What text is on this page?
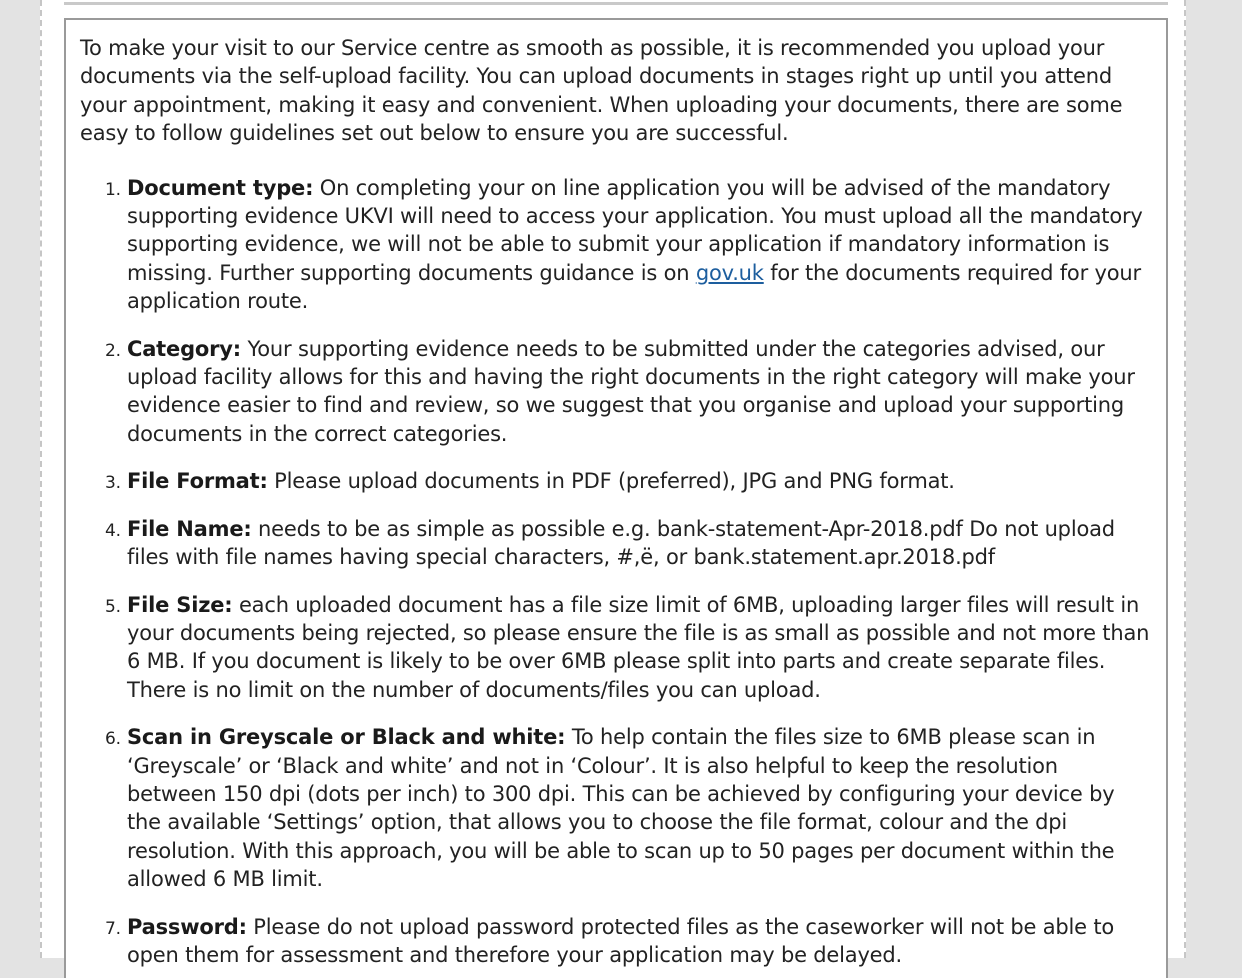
To make your visit to our Service centre as smooth as possible, it is recommended you upload your documents via the self-upload facility. You can upload documents in stages right up until you attend your appointment, making it easy and convenient. When uploading your documents, there are some easy to follow guidelines set out below to ensure you are successful.

1. Document type: On completing your on line application you will be advised of the mandatory supporting evidence UKVI will need to access your application. You must upload all the mandatory supporting evidence, we will not be able to submit your application if mandatory information is missing. Further supporting documents guidance is on gov.uk for the documents required for your application route.
2. Category: Your supporting evidence needs to be submitted under the categories advised, our upload facility allows for this and having the right documents in the right category will make your evidence easier to find and review, so we suggest that you organise and upload your supporting documents in the correct categories.
3. File Format: Please upload documents in PDF (preferred), JPG and PNG format.
4. File Name: needs to be as simple as possible e.g. bank-statement-Apr-2018.pdf Do not upload files with file names having special characters, #,ë, or bank.statement.apr.2018.pdf
5. File Size: each uploaded document has a file size limit of 6MB, uploading larger files will result in your documents being rejected, so please ensure the file is as small as possible and not more than 6 MB. If you document is likely to be over 6MB please split into parts and create separate files. There is no limit on the number of documents/files you can upload.
6. Scan in Greyscale or Black and white: To help contain the files size to 6MB please scan in ‘Greyscale’ or ‘Black and white’ and not in ‘Colour’. It is also helpful to keep the resolution between 150 dpi (dots per inch) to 300 dpi. This can be achieved by configuring your device by the available ‘Settings’ option, that allows you to choose the file format, colour and the dpi resolution. With this approach, you will be able to scan up to 50 pages per document within the allowed 6 MB limit.
7. Password: Please do not upload password protected files as the caseworker will not be able to open them for assessment and therefore your application may be delayed.
